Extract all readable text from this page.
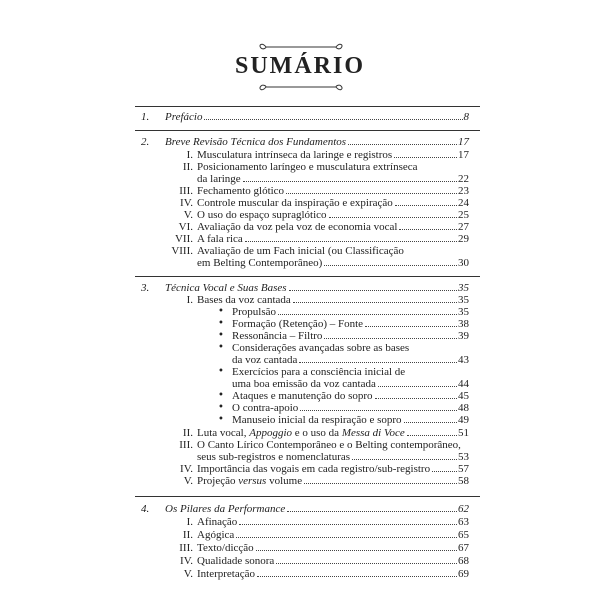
SUMÁRIO
1. Prefácio	8
2. Breve Revisão Técnica dos Fundamentos	17
I. Musculatura intrínseca da laringe e registros	17
II. Posicionamento laríngeo e musculatura extrínseca
da laringe	22
III. Fechamento glótico	23
IV. Controle muscular da inspiração e expiração	24
V. O uso do espaço supraglótico	25
VI. Avaliação da voz pela voz de economia vocal	27
VII. A fala rica	29
VIII. Avaliação de um Fach inicial (ou Classificação
em Belting Contemporâneo)	30
3. Técnica Vocal e Suas Bases	35
I. Bases da voz cantada	35
• Propulsão	35
• Formação (Retenção) – Fonte	38
• Ressonância – Filtro	39
• Considerações avançadas sobre as bases
da voz cantada	43
• Exercícios para a consciência inicial de
uma boa emissão da voz cantada	44
• Ataques e manutenção do sopro	45
• O contra-apoio	48
• Manuseio inicial da respiração e sopro	49
II. Luta vocal, Appoggio e o uso da Messa di Voce	51
III. O Canto Lírico Contemporâneo e o Belting contemporâneo,
seus sub-registros e nomenclaturas	53
IV. Importância das vogais em cada registro/sub-registro	57
V. Projeção versus volume	58
4. Os Pilares da Performance	62
I. Afinação	63
II. Agógica	65
III. Texto/dicção	67
IV. Qualidade sonora	68
V. Interpretação	69
